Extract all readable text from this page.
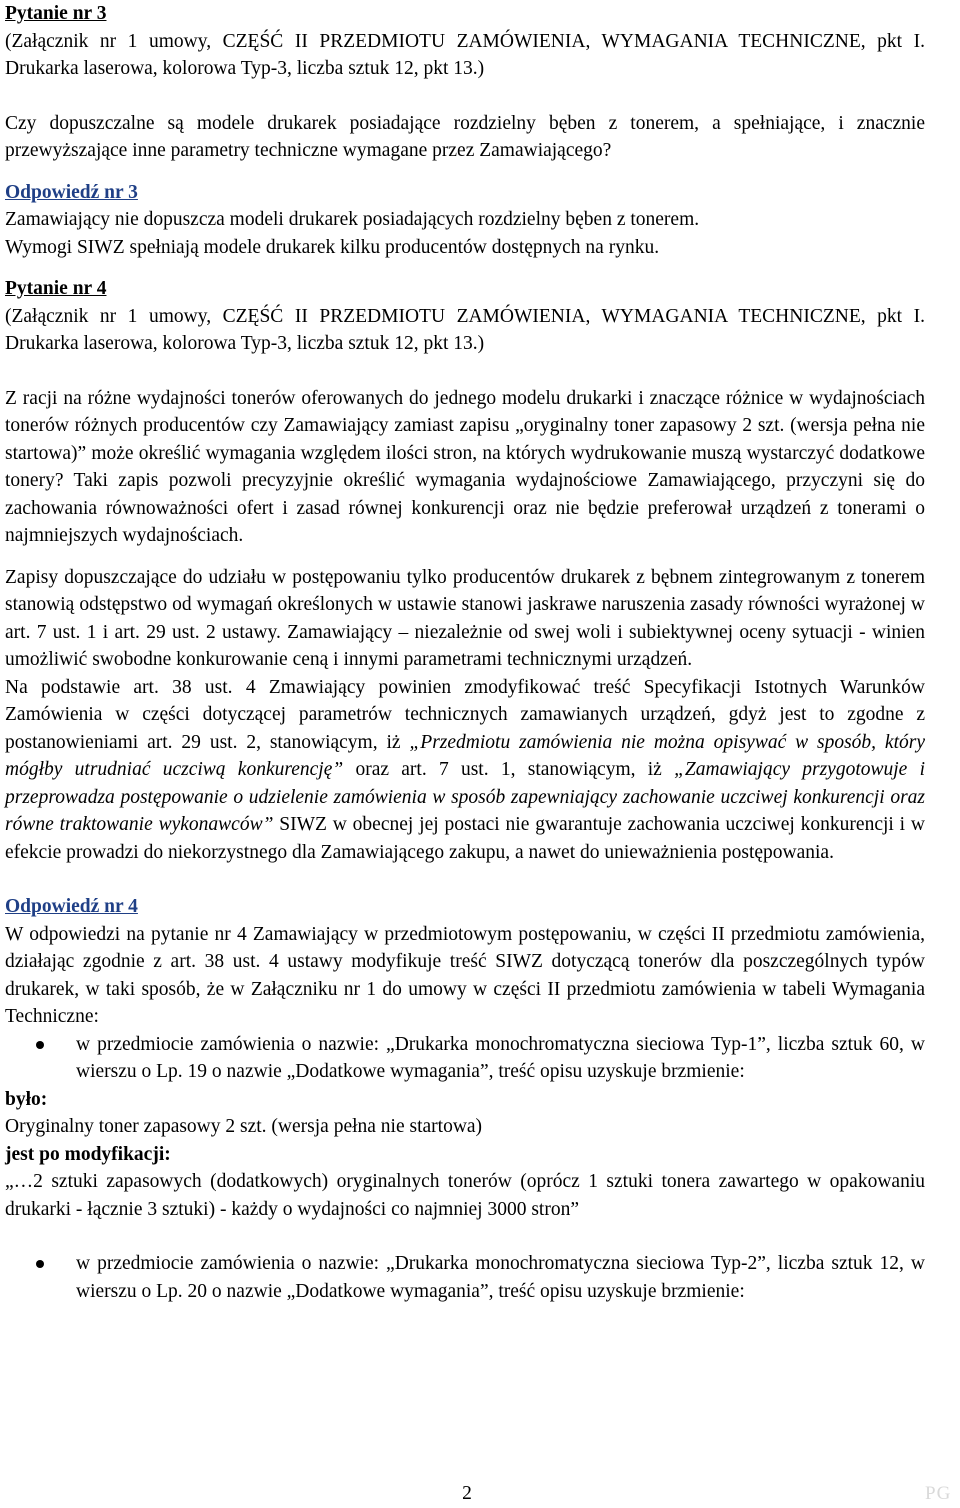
Pytanie nr 3

(Załącznik nr 1 umowy, CZĘŚĆ II PRZEDMIOTU ZAMÓWIENIA, WYMAGANIA TECHNICZNE, pkt I. Drukarka laserowa, kolorowa Typ-3, liczba sztuk 12, pkt 13.)

Czy dopuszczalne są modele drukarek posiadające rozdzielny bęben z tonerem, a spełniające, i znacznie przewyższające inne parametry techniczne wymagane przez Zamawiającego?

Odpowiedź nr 3

Zamawiający nie dopuszcza modeli drukarek posiadających rozdzielny bęben z tonerem.

Wymogi SIWZ spełniają modele drukarek kilku producentów dostępnych na rynku.

Pytanie nr 4

(Załącznik nr 1 umowy, CZĘŚĆ II PRZEDMIOTU ZAMÓWIENIA, WYMAGANIA TECHNICZNE, pkt I. Drukarka laserowa, kolorowa Typ-3, liczba sztuk 12, pkt 13.)

Z racji na różne wydajności tonerów oferowanych do jednego modelu drukarki i znaczące różnice w wydajnościach tonerów różnych producentów czy Zamawiający zamiast zapisu „oryginalny toner zapasowy 2 szt. (wersja pełna nie startowa)” może określić wymagania względem ilości stron, na których wydrukowanie muszą wystarczyć dodatkowe tonery? Taki zapis pozwoli precyzyjnie określić wymagania wydajnościowe Zamawiającego, przyczyni się do zachowania równoważności ofert i zasad równej konkurencji oraz nie będzie preferował urządzeń z tonerami o najmniejszych wydajnościach.

Zapisy dopuszczające do udziału w postępowaniu tylko producentów drukarek z bębnem zintegrowanym z tonerem stanowią odstępstwo od wymagań określonych w ustawie stanowi jaskrawe naruszenia zasady równości wyrażonej w art. 7 ust. 1 i art. 29 ust. 2 ustawy. Zamawiający – niezależnie od swej woli i subiektywnej oceny sytuacji - winien umożliwić swobodne konkurowanie ceną i innymi parametrami technicznymi urządzeń.

Na podstawie art. 38 ust. 4 Zmawiający powinien zmodyfikować treść Specyfikacji Istotnych Warunków Zamówienia w części dotyczącej parametrów technicznych zamawianych urządzeń, gdyż jest to zgodne z postanowieniami art. 29 ust. 2, stanowiącym, iż „Przedmiotu zamówienia nie można opisywać w sposób, który mógłby utrudniać uczciwą konkurencję” oraz art. 7 ust. 1, stanowiącym, iż „Zamawiający przygotowuje i przeprowadza postępowanie o udzielenie zamówienia w sposób zapewniający zachowanie uczciwej konkurencji oraz równe traktowanie wykonawców” SIWZ w obecnej jej postaci nie gwarantuje zachowania uczciwej konkurencji i w efekcie prowadzi do niekorzystnego dla Zamawiającego zakupu, a nawet do unieważnienia postępowania.

Odpowiedź nr 4

W odpowiedzi na pytanie nr 4 Zamawiający w przedmiotowym postępowaniu, w części II przedmiotu zamówienia, działając zgodnie z art. 38 ust. 4 ustawy modyfikuje treść SIWZ dotyczącą tonerów dla poszczególnych typów drukarek, w taki sposób, że w Załączniku nr 1 do umowy w części II przedmiotu zamówienia w tabeli Wymagania Techniczne:

w przedmiocie zamówienia o nazwie: „Drukarka monochromatyczna sieciowa Typ-1”, liczba sztuk 60, w wierszu o Lp. 19 o nazwie „Dodatkowe wymagania”, treść opisu uzyskuje brzmienie:

było:

Oryginalny toner zapasowy 2 szt. (wersja pełna nie startowa)

jest po modyfikacji:

„…2 sztuki zapasowych (dodatkowych) oryginalnych tonerów (oprócz 1 sztuki tonera zawartego w opakowaniu drukarki - łącznie 3 sztuki) - każdy o wydajności co najmniej 3000 stron”

w przedmiocie zamówienia o nazwie: „Drukarka monochromatyczna sieciowa Typ-2”, liczba sztuk 12, w wierszu o Lp. 20 o nazwie „Dodatkowe wymagania”, treść opisu uzyskuje brzmienie:
2	PG
